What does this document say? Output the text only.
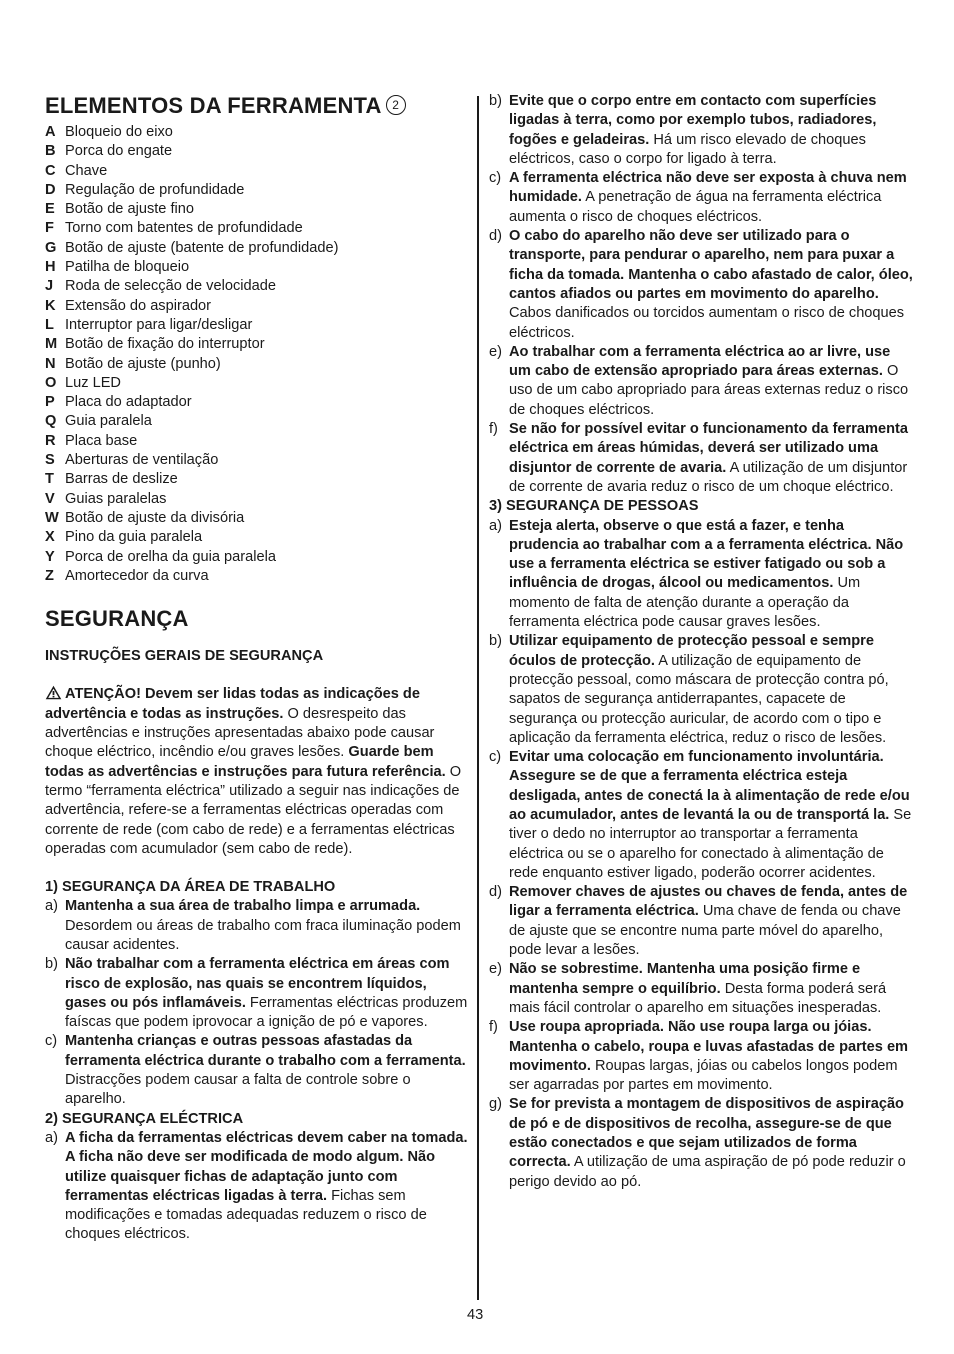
ELEMENTOS DA FERRAMENTA 2
A Bloqueio do eixo
B Porca do engate
C Chave
D Regulação de profundidade
E Botão de ajuste fino
F Torno com batentes de profundidade
G Botão de ajuste (batente de profundidade)
H Patilha de bloqueio
J Roda de selecção de velocidade
K Extensão do aspirador
L Interruptor para ligar/desligar
M Botão de fixação do interruptor
N Botão de ajuste (punho)
O Luz LED
P Placa do adaptador
Q Guia paralela
R Placa base
S Aberturas de ventilação
T Barras de deslize
V Guias paralelas
W Botão de ajuste da divisória
X Pino da guia paralela
Y Porca de orelha da guia paralela
Z Amortecedor da curva
SEGURANÇA
INSTRUÇÕES GERAIS DE SEGURANÇA

ATENÇÃO! Devem ser lidas todas as indicações de advertência e todas as instruções. O desrespeito das advertências e instruções apresentadas abaixo pode causar choque eléctrico, incêndio e/ou graves lesões. Guarde bem todas as advertências e instruções para futura referência. O termo “ferramenta eléctrica” utilizado a seguir nas indicações de advertência, refere-se a ferramentas eléctricas operadas com corrente de rede (com cabo de rede) e a ferramentas eléctricas operadas com acumulador (sem cabo de rede).

1) SEGURANÇA DA ÁREA DE TRABALHO
a) Mantenha a sua área de trabalho limpa e arrumada. Desordem ou áreas de trabalho com fraca iluminação podem causar acidentes.
b) Não trabalhar com a ferramenta eléctrica em áreas com risco de explosão, nas quais se encontrem líquidos, gases ou pós inflamáveis. Ferramentas eléctricas produzem faíscas que podem iprovocar a ignição de pó e vapores.
c) Mantenha crianças e outras pessoas afastadas da ferramenta eléctrica durante o trabalho com a ferramenta. Distracções podem causar a falta de controle sobre o aparelho.
2) SEGURANÇA ELÉCTRICA
a) A ficha da ferramentas eléctricas devem caber na tomada. A ficha não deve ser modificada de modo algum. Não utilize quaisquer fichas de adaptação junto com ferramentas eléctricas ligadas à terra. Fichas sem modificações e tomadas adequadas reduzem o risco de choques eléctricos.
b) Evite que o corpo entre em contacto com superfícies ligadas à terra, como por exemplo tubos, radiadores, fogões e geladeiras. Há um risco elevado de choques eléctricos, caso o corpo for ligado à terra.
c) A ferramenta eléctrica não deve ser exposta à chuva nem humidade. A penetração de água na ferramenta eléctrica aumenta o risco de choques eléctricos.
d) O cabo do aparelho não deve ser utilizado para o transporte, para pendurar o aparelho, nem para puxar a ficha da tomada. Mantenha o cabo afastado de calor, óleo, cantos afiados ou partes em movimento do aparelho. Cabos danificados ou torcidos aumentam o risco de choques eléctricos.
e) Ao trabalhar com a ferramenta eléctrica ao ar livre, use um cabo de extensão apropriado para áreas externas. O uso de um cabo apropriado para áreas externas reduz o risco de choques eléctricos.
f) Se não for possível evitar o funcionamento da ferramenta eléctrica em áreas húmidas, deverá ser utilizado uma disjuntor de corrente de avaria. A utilização de um disjuntor de corrente de avaria reduz o risco de um choque eléctrico.
3) SEGURANÇA DE PESSOAS
a) Esteja alerta, observe o que está a fazer, e tenha prudencia ao trabalhar com a a ferramenta eléctrica. Não use a ferramenta eléctrica se estiver fatigado ou sob a influência de drogas, álcool ou medicamentos. Um momento de falta de atenção durante a operação da ferramenta eléctrica pode causar graves lesões.
b) Utilizar equipamento de protecção pessoal e sempre óculos de protecção. A utilização de equipamento de protecção pessoal, como máscara de protecção contra pó, sapatos de segurança antiderrapantes, capacete de segurança ou protecção auricular, de acordo com o tipo e aplicação da ferramenta eléctrica, reduz o risco de lesões.
c) Evitar uma colocação em funcionamento involuntária. Assegure se de que a ferramenta eléctrica esteja desligada, antes de conectá la à alimentação de rede e/ou ao acumulador, antes de levantá la ou de transportá la. Se tiver o dedo no interruptor ao transportar a ferramenta eléctrica ou se o aparelho for conectado à alimentação de rede enquanto estiver ligado, poderão ocorrer acidentes.
d) Remover chaves de ajustes ou chaves de fenda, antes de ligar a ferramenta eléctrica. Uma chave de fenda ou chave de ajuste que se encontre numa parte móvel do aparelho, pode levar a lesões.
e) Não se sobrestime. Mantenha uma posição firme e mantenha sempre o equilíbrio. Desta forma poderá será mais fácil controlar o aparelho em situações inesperadas.
f) Use roupa apropriada. Não use roupa larga ou jóias. Mantenha o cabelo, roupa e luvas afastadas de partes em movimento. Roupas largas, jóias ou cabelos longos podem ser agarradas por partes em movimento.
g) Se for prevista a montagem de dispositivos de aspiração de pó e de dispositivos de recolha, assegure-se de que estão conectados e que sejam utilizados de forma correcta. A utilização de uma aspiração de pó pode reduzir o perigo devido ao pó.
43
